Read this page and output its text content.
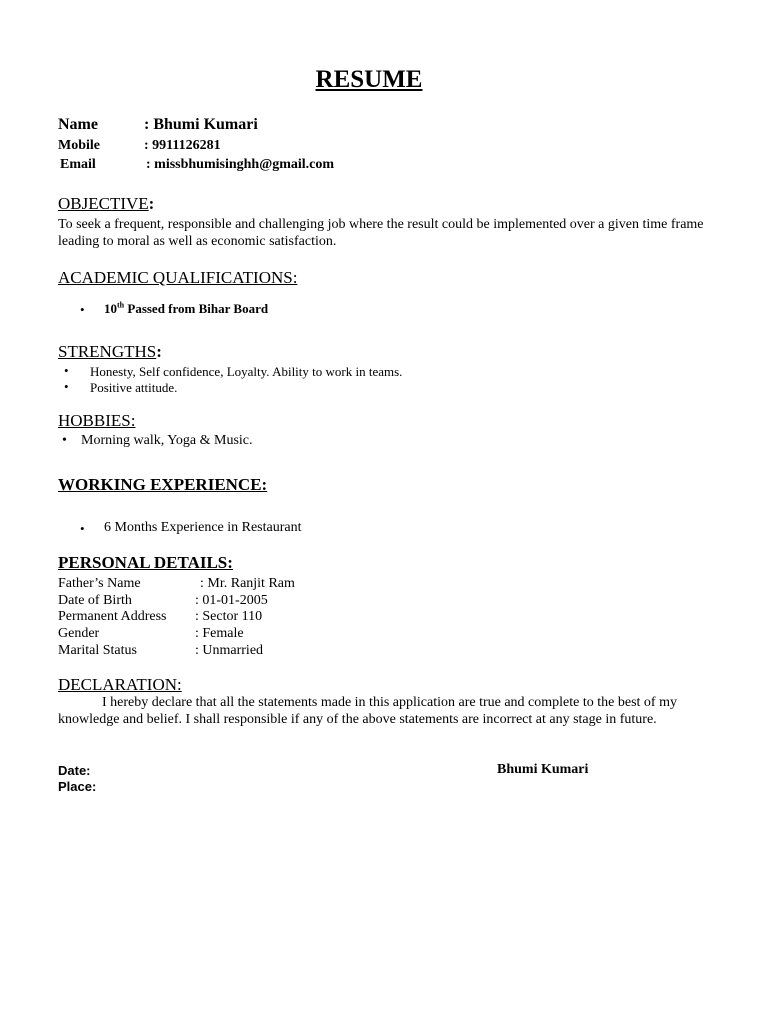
RESUME
Name	: Bhumi Kumari
Mobile	: 9911126281
Email	: missbhumisinghh@gmail.com
OBJECTIVE:
To seek a frequent, responsible and challenging job where the result could be implemented over a given time frame leading to moral as well as economic satisfaction.
ACADEMIC QUALIFICATIONS:
• 10th Passed from Bihar Board
STRENGTHS:
• Honesty, Self confidence, Loyalty. Ability to work in teams.
• Positive attitude.
HOBBIES:
• Morning walk, Yoga & Music.
WORKING EXPERIENCE:
• 6 Months Experience in Restaurant
PERSONAL DETAILS:
Father’s Name	: Mr. Ranjit Ram
Date of Birth	: 01-01-2005
Permanent Address : Sector 110
Gender	: Female
Marital Status	: Unmarried
DECLARATION:
I hereby declare that all the statements made in this application are true and complete to the best of my knowledge and belief. I shall responsible if any of the above statements are incorrect at any stage in future.
Date:
Place:
Bhumi Kumari
